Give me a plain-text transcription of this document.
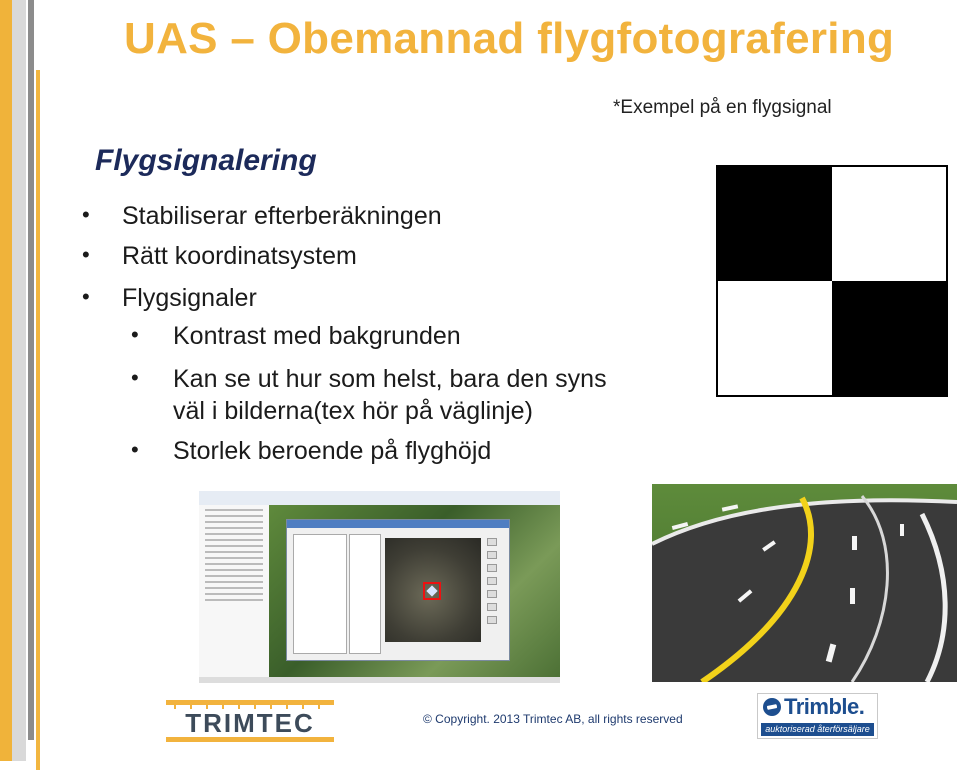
UAS – Obemannad flygfotografering
*Exempel på en flygsignal
Flygsignalering
• Stabiliserar efterberäkningen
• Rätt koordinatsystem
• Flygsignaler
• Kontrast med bakgrunden
• Kan se ut hur som helst, bara den syns
väl i bilderna(tex hör på väglinje)
• Storlek beroende på flyghöjd
TRIMTEC	© Copyright. 2013 Trimtec AB, all rights reserved	Trimble.
auktoriserad återförsäljare
